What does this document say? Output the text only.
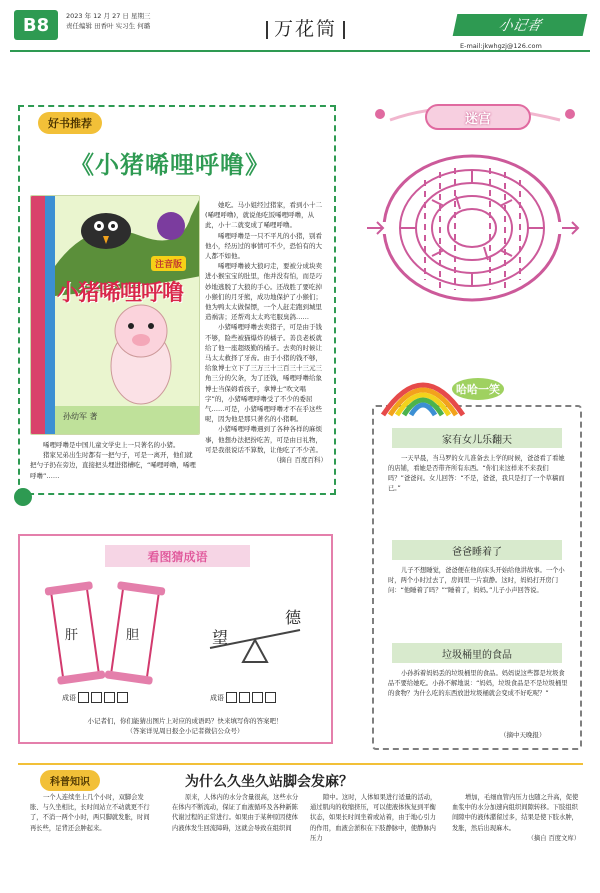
B8	2023 年 12 月 27 日 星期三
责任编辑 田香叶 实习生 何璐	万花筒	小记者
E-mail:jkwhgzj@126.com
好书推荐
《小猪唏哩呼噜》
注音版
小猪唏哩呼噜
孙幼军 著

她吃。马小姐经过猪家，看到小十二(唏哩呼噜)，就说他吃饭唏哩呼噜，从此，小十二就变成了唏哩呼噜。

唏哩呼噜是一只不平凡的小猪，别看他小，经历过的事情可不少，恐怕有的大人都不如他。

唏哩呼噜被大狼叼走，要被分成块卖进小猴宝宝的肚里，他并没有怕，而是巧妙地逃脱了大狼的手心。还战胜了要吃掉小猴们的月牙熊，成功地保护了小猴们；他为鸭太太做保镖，一个人赶走跑到城里造祸害；还帮鸡太太鸡宅服臭鸽……

小猪唏哩呼噜去卖猪子，可是由于钱不够，险些被猫爆炸的橘子。善良老板就给了他一座超级勤的橘子。去卖的时候让马太太救择了牙齿。由于小猪的钱不够，给象博士立下了三万三十三百三十三元三角三分的欠条，为了还钱，唏哩呼噜给象博士当保姆看孩子，拿博士“吹文唱字”的，小猪唏哩呼噜受了不少的委屈气……可是，小猪唏哩呼噜才不在乎这些呢，因为他是那只著名的小猪啊。

小猪唏哩呼噜遇到了各种各样的麻烦事，他想办法把扮吃苦，可是由日礼物，可是我很说话不算数，让他吃了不少苦。

（摘自 百度百科）

唏哩呼噜是中国儿童文学史上一只著名的小猪。

猪家兄弟出生时都有一把勺子，可是一离开，他们就把勺子扔在旁边，直接把头埋进猪槽吃，“唏哩呼噜，唏哩呼噜”……

迷宫
哈哈一笑
家有女儿乐翻天
一天早晨，当马罗的女儿准备去上学的时候，爸爸看了看她的店铺，看她是否带齐所有东西。“你们来这样来不来我们吗？”爸爸问。女儿回答：“不是，爸爸，我只是打了一个草稿而已。”
爸爸睡着了
儿子不想睡觉，爸爸便在他的床头开始给他讲故事。一个小时，两个小时过去了，房间里一片寂静。这时，妈妈打开房门问：“他睡着了吗？”“睡着了，妈妈。”儿子小声回答说。
垃圾桶里的食品
小孙拆着妈妈丢的垃圾桶里的食品。妈妈说这些都是垃圾食品不要给她吃。小孙不解地说：“妈妈，垃圾食品是不是垃圾桶里的食物？为什么吃的东西放进垃圾桶就会变成不好吃呢？”
（摘中天晚报）
看图猜成语
肝	胆	望
德
成语	成语
小记者们，你们能猜出图片上对应的成语吗？快来填写你的答案吧！
（答案详见周日报全小记者微信公众号）
科普知识	为什么久坐久站脚会发麻？
一个人连续坐上几个小时，双脚会发胀、与久坐相比，长时间站立不动就更不行了，不消一两个小时，两只脚就发胀，时间再长些，足背还会肿起来。
原来，人体内的水分含量很高，这些水分在体内不断流动，保证了血液循环及各种新陈代谢过程的正常进行。如果由于某种原因使体内液体发生回流障碍，这就会导致在组织间
隙中。这时，人体如果进行适量的活动，通过肌肉的收缩挤压，可以使液体恢复到平衡状态，如果长时间坐着或站着，由于地心引力的作用，血液会淤积在下肢静脉中，使静脉内压力
增加，毛细血管内压力也随之升高，促使血浆中的水分加速向组织间隙转移。下肢组织间隙中的液体潴留过多，结果是使下肢水肿，发胀，然后出现麻木。

（摘自 百度文库）
